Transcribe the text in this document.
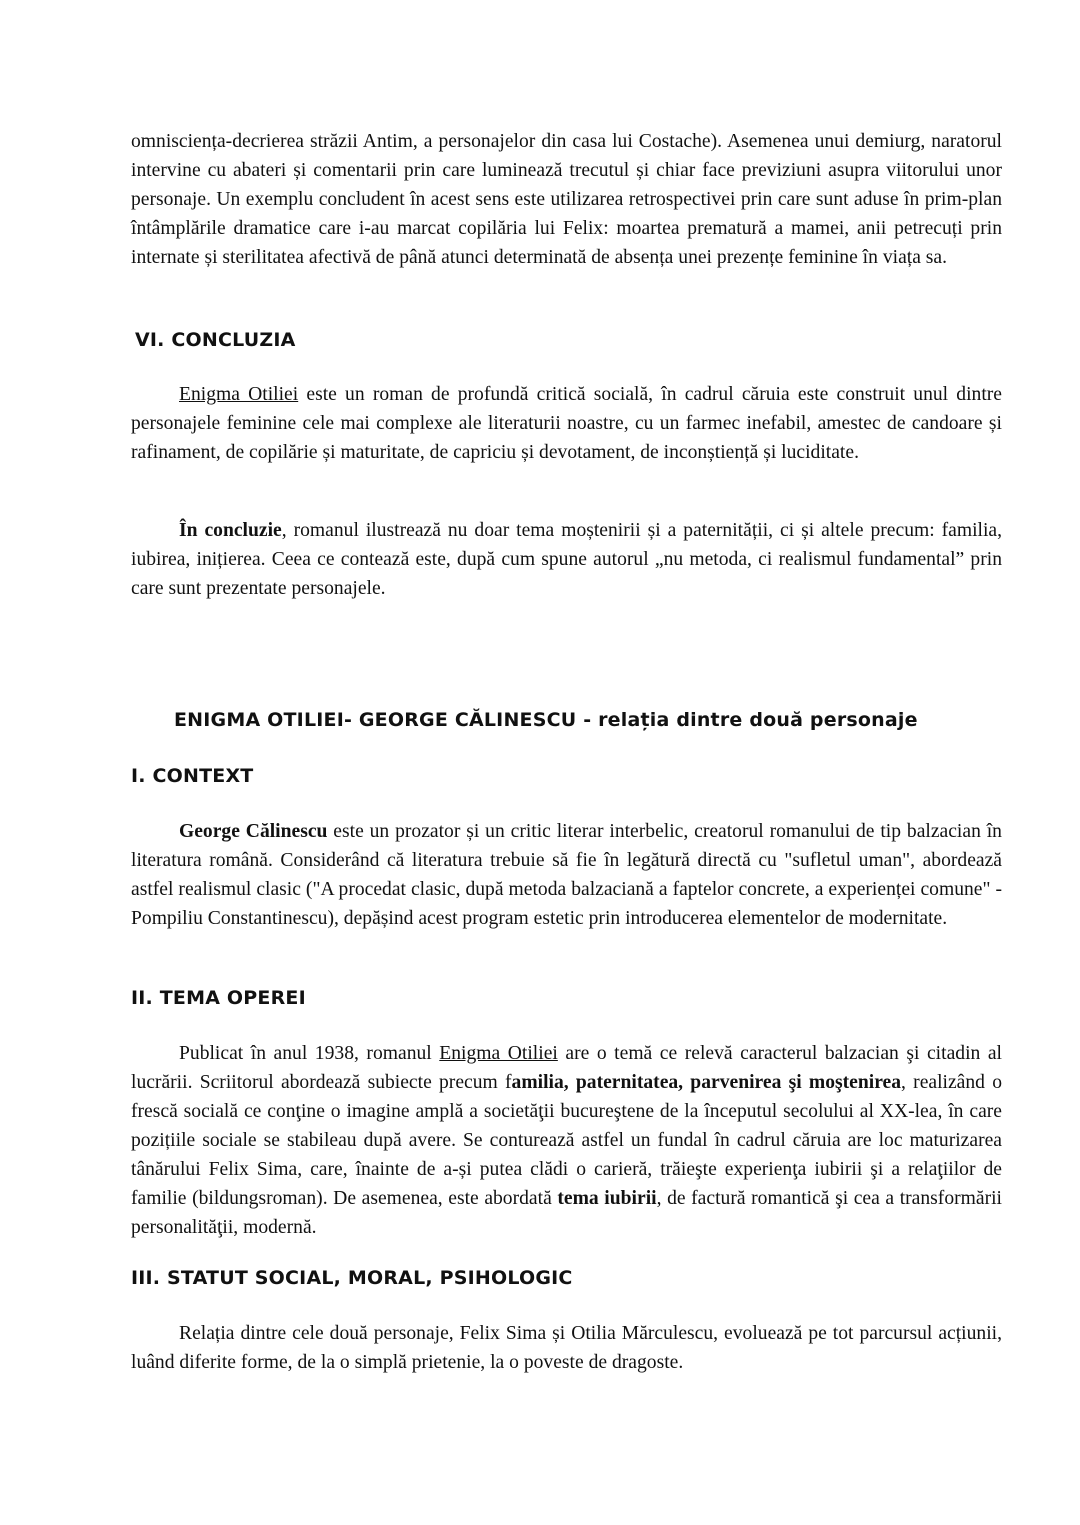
omnisciența-decrierea străzii Antim, a personajelor din casa lui Costache). Asemenea unui demiurg, naratorul intervine cu abateri și comentarii prin care luminează trecutul și chiar face previziuni asupra viitorului unor personaje. Un exemplu concludent în acest sens este utilizarea retrospectivei prin care sunt aduse în prim-plan întâmplările dramatice care i-au marcat copilăria lui Felix: moartea prematură a mamei, anii petrecuți prin internate și sterilitatea afectivă de până atunci determinată de absența unei prezențe feminine în viața sa.
VI. CONCLUZIA
Enigma Otiliei este un roman de profundă critică socială, în cadrul căruia este construit unul dintre personajele feminine cele mai complexe ale literaturii noastre, cu un farmec inefabil, amestec de candoare și rafinament, de copilărie și maturitate, de capriciu și devotament, de inconștiență și luciditate.
În concluzie, romanul ilustrează nu doar tema moștenirii și a paternității, ci și altele precum: familia, iubirea, inițierea. Ceea ce contează este, după cum spune autorul „nu metoda, ci realismul fundamental” prin care sunt prezentate personajele.
ENIGMA OTILIEI- GEORGE CĂLINESCU - relația dintre două personaje
I. CONTEXT
George Călinescu este un prozator și un critic literar interbelic, creatorul romanului de tip balzacian în literatura română. Considerând că literatura trebuie să fie în legătură directă cu "sufletul uman", abordează astfel realismul clasic ("A procedat clasic, după metoda balzaciană a faptelor concrete, a experienței comune" - Pompiliu Constantinescu), depășind acest program estetic prin introducerea elementelor de modernitate.
II. TEMA OPEREI
Publicat în anul 1938, romanul Enigma Otiliei are o temă ce relevă caracterul balzacian şi citadin al lucrării. Scriitorul abordează subiecte precum familia, paternitatea, parvenirea şi moştenirea, realizând o frescă socială ce conţine o imagine amplă a societăţii bucureştene de la începutul secolului al XX-lea, în care pozițiile sociale se stabileau după avere. Se conturează astfel un fundal în cadrul căruia are loc maturizarea tânărului Felix Sima, care, înainte de a-și putea clădi o carieră, trăieşte experienţa iubirii şi a relaţiilor de familie (bildungsroman). De asemenea, este abordată tema iubirii, de factură romantică şi cea a transformării personalităţii, modernă.
III. STATUT SOCIAL, MORAL, PSIHOLOGIC
Relația dintre cele două personaje, Felix Sima și Otilia Mărculescu, evoluează pe tot parcursul acțiunii, luând diferite forme, de la o simplă prietenie, la o poveste de dragoste.
